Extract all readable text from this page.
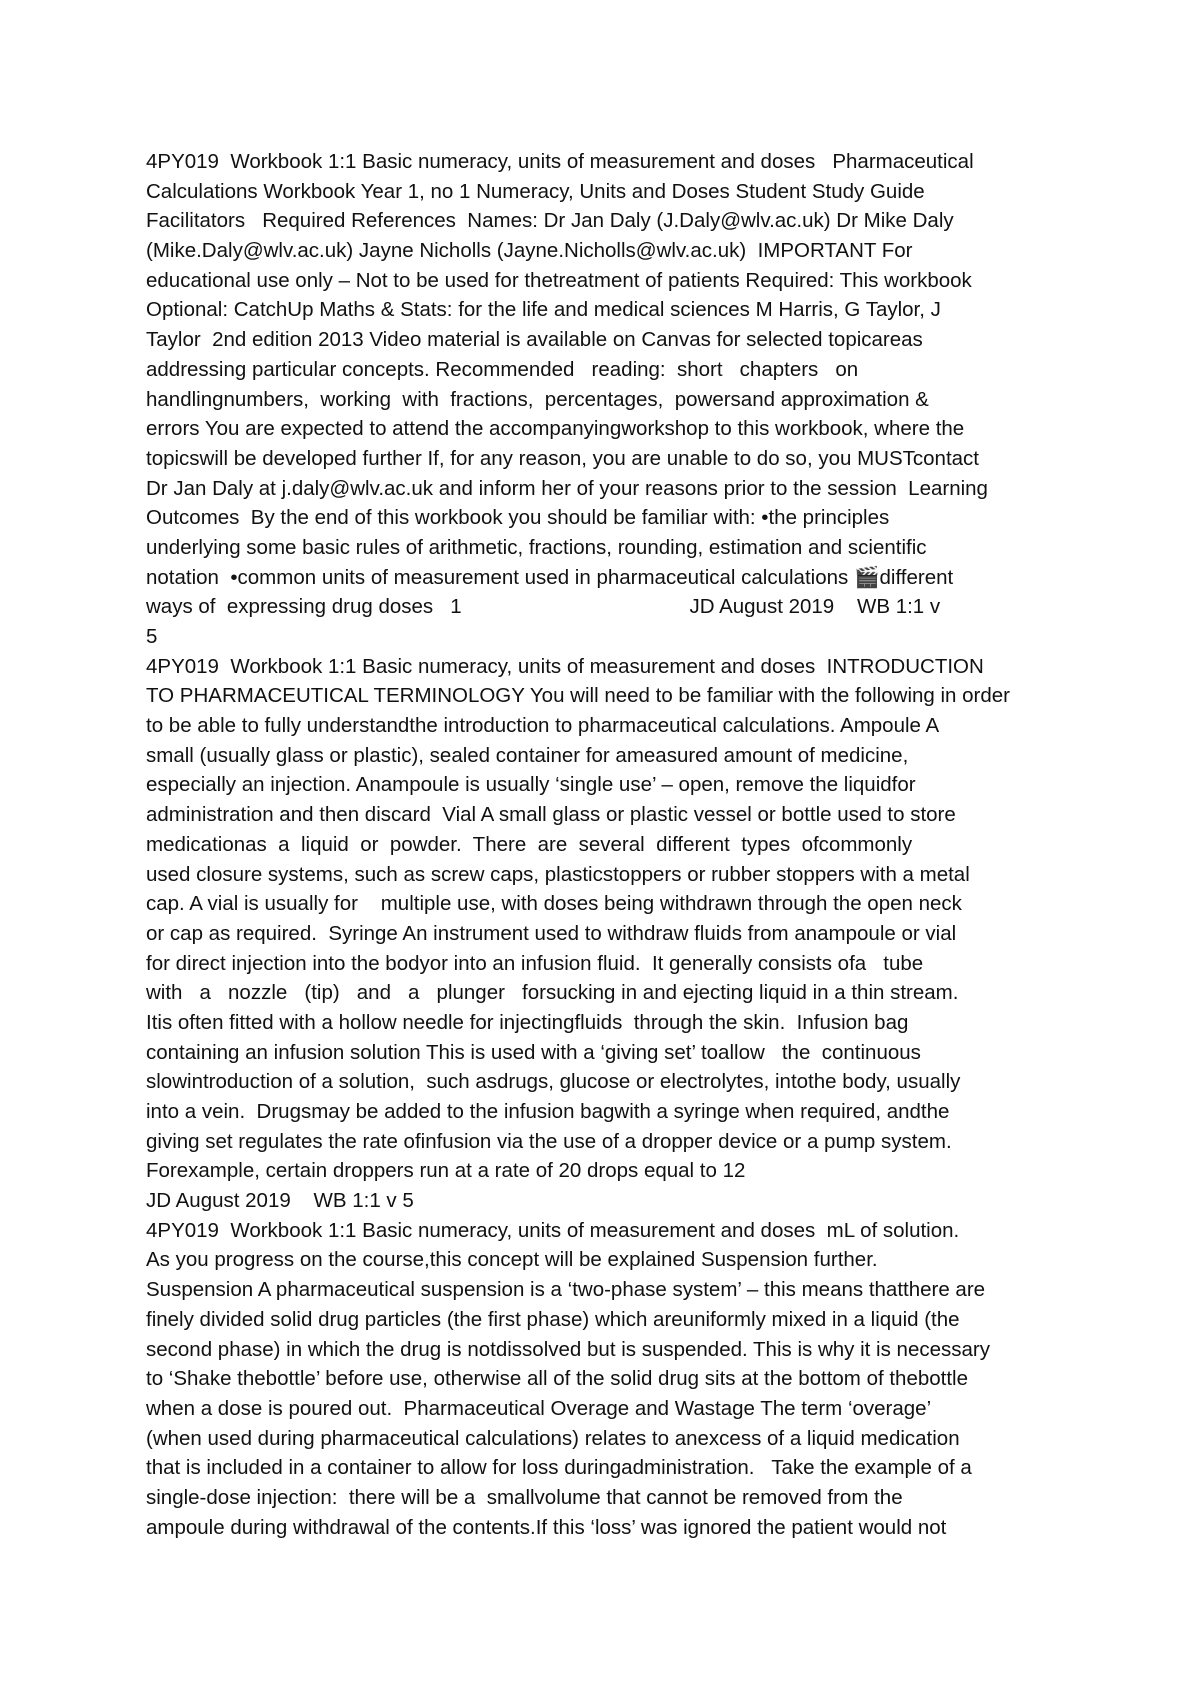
4PY019  Workbook 1:1 Basic numeracy, units of measurement and doses   Pharmaceutical
Calculations Workbook Year 1, no 1 Numeracy, Units and Doses Student Study Guide
Facilitators   Required References  Names: Dr Jan Daly (J.Daly@wlv.ac.uk) Dr Mike Daly
(Mike.Daly@wlv.ac.uk) Jayne Nicholls (Jayne.Nicholls@wlv.ac.uk)  IMPORTANT For
educational use only – Not to be used for thetreatment of patients Required: This workbook
Optional: CatchUp Maths & Stats: for the life and medical sciences M Harris, G Taylor, J
Taylor  2nd edition 2013 Video material is available on Canvas for selected topicareas
addressing particular concepts. Recommended   reading:  short   chapters   on
handlingnumbers,  working  with  fractions,  percentages,  powersand approximation &
errors You are expected to attend the accompanyingworkshop to this workbook, where the
topicswill be developed further If, for any reason, you are unable to do so, you MUSTcontact
Dr Jan Daly at j.daly@wlv.ac.uk and inform her of your reasons prior to the session  Learning
Outcomes  By the end of this workbook you should be familiar with: •the principles
underlying some basic rules of arithmetic, fractions, rounding, estimation and scientific
notation  •common units of measurement used in pharmaceutical calculations 🎬different
ways of  expressing drug doses   1                                        JD August 2019    WB 1:1 v
5
4PY019  Workbook 1:1 Basic numeracy, units of measurement and doses  INTRODUCTION
TO PHARMACEUTICAL TERMINOLOGY You will need to be familiar with the following in order
to be able to fully understandthe introduction to pharmaceutical calculations. Ampoule A
small (usually glass or plastic), sealed container for ameasured amount of medicine,
especially an injection. Anampoule is usually ‘single use’ – open, remove the liquidfor
administration and then discard  Vial A small glass or plastic vessel or bottle used to store
medicationas  a  liquid  or  powder.  There  are  several  different  types  ofcommonly
used closure systems, such as screw caps, plasticstoppers or rubber stoppers with a metal
cap. A vial is usually for    multiple use, with doses being withdrawn through the open neck
or cap as required.  Syringe An instrument used to withdraw fluids from anampoule or vial
for direct injection into the bodyor into an infusion fluid.  It generally consists ofa   tube
with   a   nozzle   (tip)   and   a   plunger   forsucking in and ejecting liquid in a thin stream.
Itis often fitted with a hollow needle for injectingfluids  through the skin.  Infusion bag
containing an infusion solution This is used with a ‘giving set’ toallow   the  continuous
slowintroduction of a solution,  such asdrugs, glucose or electrolytes, intothe body, usually
into a vein.  Drugsmay be added to the infusion bagwith a syringe when required, andthe
giving set regulates the rate ofinfusion via the use of a dropper device or a pump system.
Forexample, certain droppers run at a rate of 20 drops equal to 12
JD August 2019    WB 1:1 v 5
4PY019  Workbook 1:1 Basic numeracy, units of measurement and doses  mL of solution.
As you progress on the course,this concept will be explained Suspension further.
Suspension A pharmaceutical suspension is a ‘two-phase system’ – this means thatthere are
finely divided solid drug particles (the first phase) which areuniformly mixed in a liquid (the
second phase) in which the drug is notdissolved but is suspended. This is why it is necessary
to ‘Shake thebottle’ before use, otherwise all of the solid drug sits at the bottom of thebottle
when a dose is poured out.  Pharmaceutical Overage and Wastage The term ‘overage’
(when used during pharmaceutical calculations) relates to anexcess of a liquid medication
that is included in a container to allow for loss duringadministration.   Take the example of a
single-dose injection:  there will be a  smallvolume that cannot be removed from the
ampoule during withdrawal of the contents.If this ‘loss’ was ignored the patient would not
